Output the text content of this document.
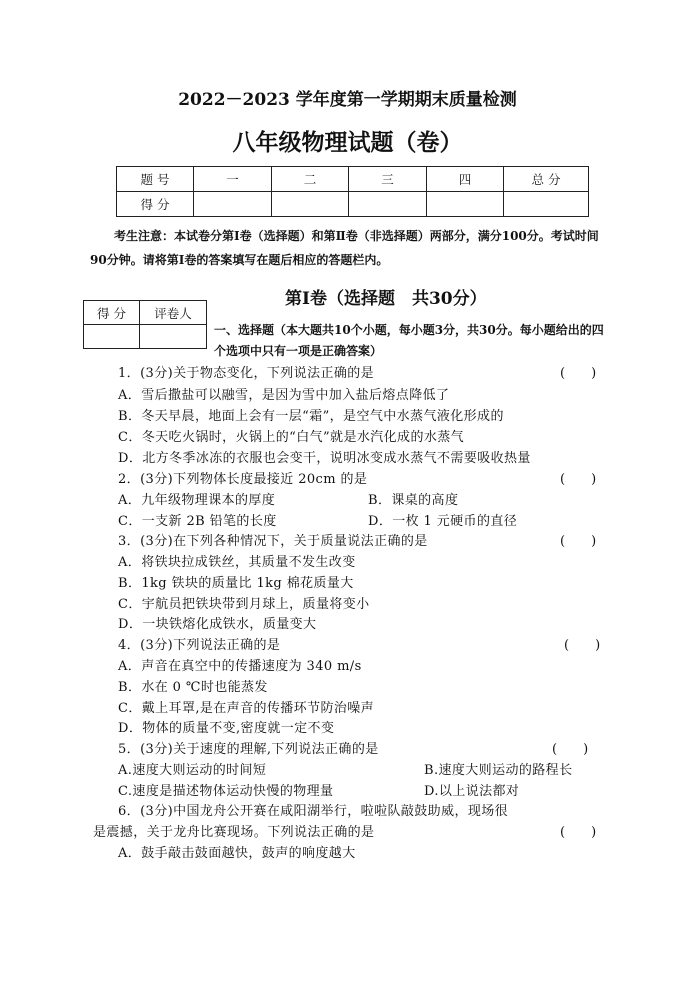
2022－2023 学年度第一学期期末质量检测
八年级物理试题（卷）
题 号	一	二	三	四	总 分
得 分					
考生注意：本试卷分第Ⅰ卷（选择题）和第Ⅱ卷（非选择题）两部分，满分100分。考试时间90分钟。请将第Ⅰ卷的答案填写在题后相应的答题栏内。
得 分	评卷人

第Ⅰ卷（选择题　共30分）
一、选择题（本大题共10个小题，每小题3分，共30分。每小题给出的四个选项中只有一项是正确答案）
1．(3分)关于物态变化，下列说法正确的是	(　　)
A．雪后撒盐可以融雪，是因为雪中加入盐后熔点降低了
B．冬天早晨，地面上会有一层“霜”，是空气中水蒸气液化形成的
C．冬天吃火锅时，火锅上的“白气”就是水汽化成的水蒸气
D．北方冬季冰冻的衣服也会变干，说明冰变成水蒸气不需要吸收热量
2．(3分)下列物体长度最接近 20cm 的是	(　　)
A．九年级物理课本的厚度	B．课桌的高度
C．一支新 2B 铅笔的长度	D．一枚 1 元硬币的直径
3．(3分)在下列各种情况下，关于质量说法正确的是	(　　)
A．将铁块拉成铁丝，其质量不发生改变
B．1kg 铁块的质量比 1kg 棉花质量大
C．宇航员把铁块带到月球上，质量将变小
D．一块铁熔化成铁水，质量变大
4．(3分)下列说法正确的是	(　　)
A．声音在真空中的传播速度为 340 m/s
B．水在 0 ℃时也能蒸发
C．戴上耳罩,是在声音的传播环节防治噪声
D．物体的质量不变,密度就一定不变
5．(3分)关于速度的理解,下列说法正确的是	(　　)
A.速度大则运动的时间短	B.速度大则运动的路程长
C.速度是描述物体运动快慢的物理量	D.以上说法都对
6．(3分)中国龙舟公开赛在咸阳湖举行，啦啦队敲鼓助威，现场很
是震撼，关于龙舟比赛现场。下列说法正确的是	(　　)
A．鼓手敲击鼓面越快，鼓声的响度越大
